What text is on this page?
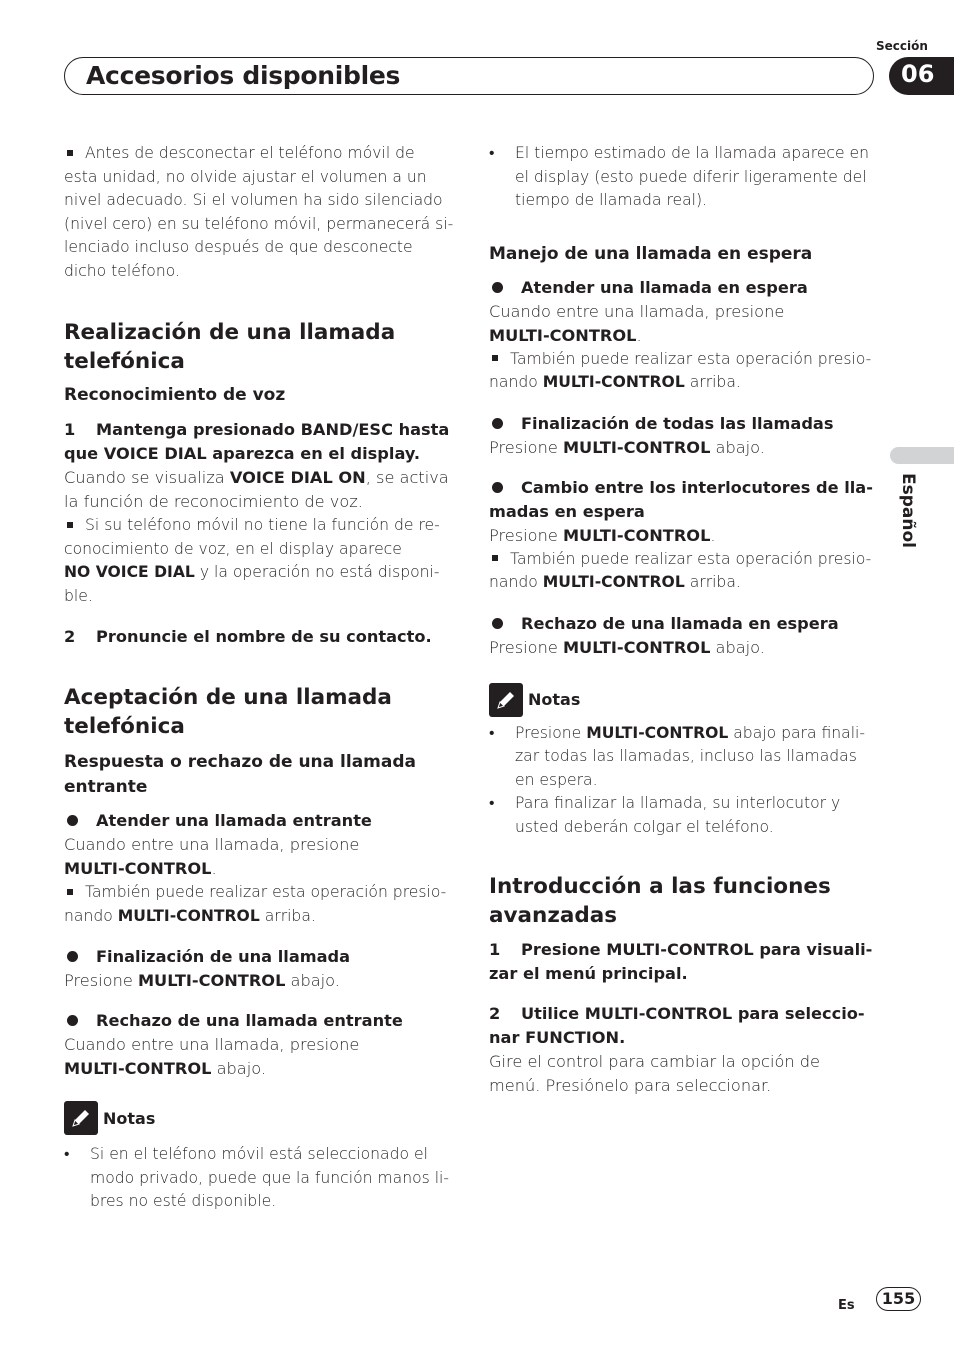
Sección
Accesorios disponibles	06
Español

Antes de desconectar el teléfono móvil de
esta unidad, no olvide ajustar el volumen a un
nivel adecuado. Si el volumen ha sido silenciado
(nivel cero) en su teléfono móvil, permanecerá si-
lenciado incluso después de que desconecte
dicho teléfono.

Realización de una llamada
telefónica
Reconocimiento de voz

1 Mantenga presionado BAND/ESC hasta
que VOICE DIAL aparezca en el display.

Cuando se visualiza VOICE DIAL ON, se activa
la función de reconocimiento de voz.

Si su teléfono móvil no tiene la función de re-
conocimiento de voz, en el display aparece
NO VOICE DIAL y la operación no está disponi-
ble.

2 Pronuncie el nombre de su contacto.

Aceptación de una llamada
telefónica
Respuesta o rechazo de una llamada
entrante

Atender una llamada entrante

Cuando entre una llamada, presione
MULTI-CONTROL.

También puede realizar esta operación presio-
nando MULTI-CONTROL arriba.

Finalización de una llamada

Presione MULTI-CONTROL abajo.

Rechazo de una llamada entrante

Cuando entre una llamada, presione
MULTI-CONTROL abajo.

Notas

• Si en el teléfono móvil está seleccionado el
modo privado, puede que la función manos li-
bres no esté disponible.

• El tiempo estimado de la llamada aparece en
el display (esto puede diferir ligeramente del
tiempo de llamada real).

Manejo de una llamada en espera

Atender una llamada en espera

Cuando entre una llamada, presione
MULTI-CONTROL.

También puede realizar esta operación presio-
nando MULTI-CONTROL arriba.

Finalización de todas las llamadas

Presione MULTI-CONTROL abajo.

Cambio entre los interlocutores de lla-
madas en espera

Presione MULTI-CONTROL.

También puede realizar esta operación presio-
nando MULTI-CONTROL arriba.

Rechazo de una llamada en espera

Presione MULTI-CONTROL abajo.

Notas

• Presione MULTI-CONTROL abajo para finali-
zar todas las llamadas, incluso las llamadas
en espera.
• Para finalizar la llamada, su interlocutor y
usted deberán colgar el teléfono.

Introducción a las funciones
avanzadas

1 Presione MULTI-CONTROL para visuali-
zar el menú principal.

2 Utilice MULTI-CONTROL para seleccio-
nar FUNCTION.

Gire el control para cambiar la opción de
menú. Presiónelo para seleccionar.

Es	155
